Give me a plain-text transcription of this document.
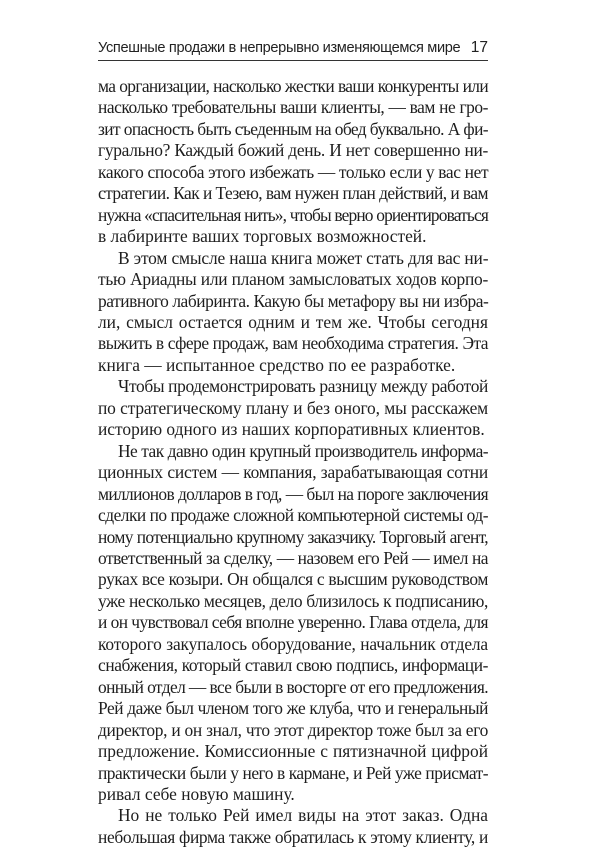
Успешные продажи в непрерывно изменяющемся мире 17

ма организации, насколько жестки ваши конкуренты или
насколько требовательны ваши клиенты, — вам не гро-
зит опасность быть съеденным на обед буквально. А фи-
гурально? Каждый божий день. И нет совершенно ни-
какого способа этого избежать — только если у вас нет
стратегии. Как и Тезею, вам нужен план действий, и вам
нужна «спасительная нить», чтобы верно ориентироваться
в лабиринте ваших торговых возможностей.

В этом смысле наша книга может стать для вас ни-
тью Ариадны или планом замысловатых ходов корпо-
ративного лабиринта. Какую бы метафору вы ни избра-
ли, смысл остается одним и тем же. Чтобы сегодня
выжить в сфере продаж, вам необходима стратегия. Эта
книга — испытанное средство по ее разработке.

Чтобы продемонстрировать разницу между работой
по стратегическому плану и без оного, мы расскажем
историю одного из наших корпоративных клиентов.

Не так давно один крупный производитель информа-
ционных систем — компания, зарабатывающая сотни
миллионов долларов в год, — был на пороге заключения
сделки по продаже сложной компьютерной системы од-
ному потенциально крупному заказчику. Торговый агент,
ответственный за сделку, — назовем его Рей — имел на
руках все козыри. Он общался с высшим руководством
уже несколько месяцев, дело близилось к подписанию,
и он чувствовал себя вполне уверенно. Глава отдела, для
которого закупалось оборудование, начальник отдела
снабжения, который ставил свою подпись, информаци-
онный отдел — все были в восторге от его предложения.
Рей даже был членом того же клуба, что и генеральный
директор, и он знал, что этот директор тоже был за его
предложение. Комиссионные с пятизначной цифрой
практически были у него в кармане, и Рей уже присмат-
ривал себе новую машину.

Но не только Рей имел виды на этот заказ. Одна
небольшая фирма также обратилась к этому клиенту, и
